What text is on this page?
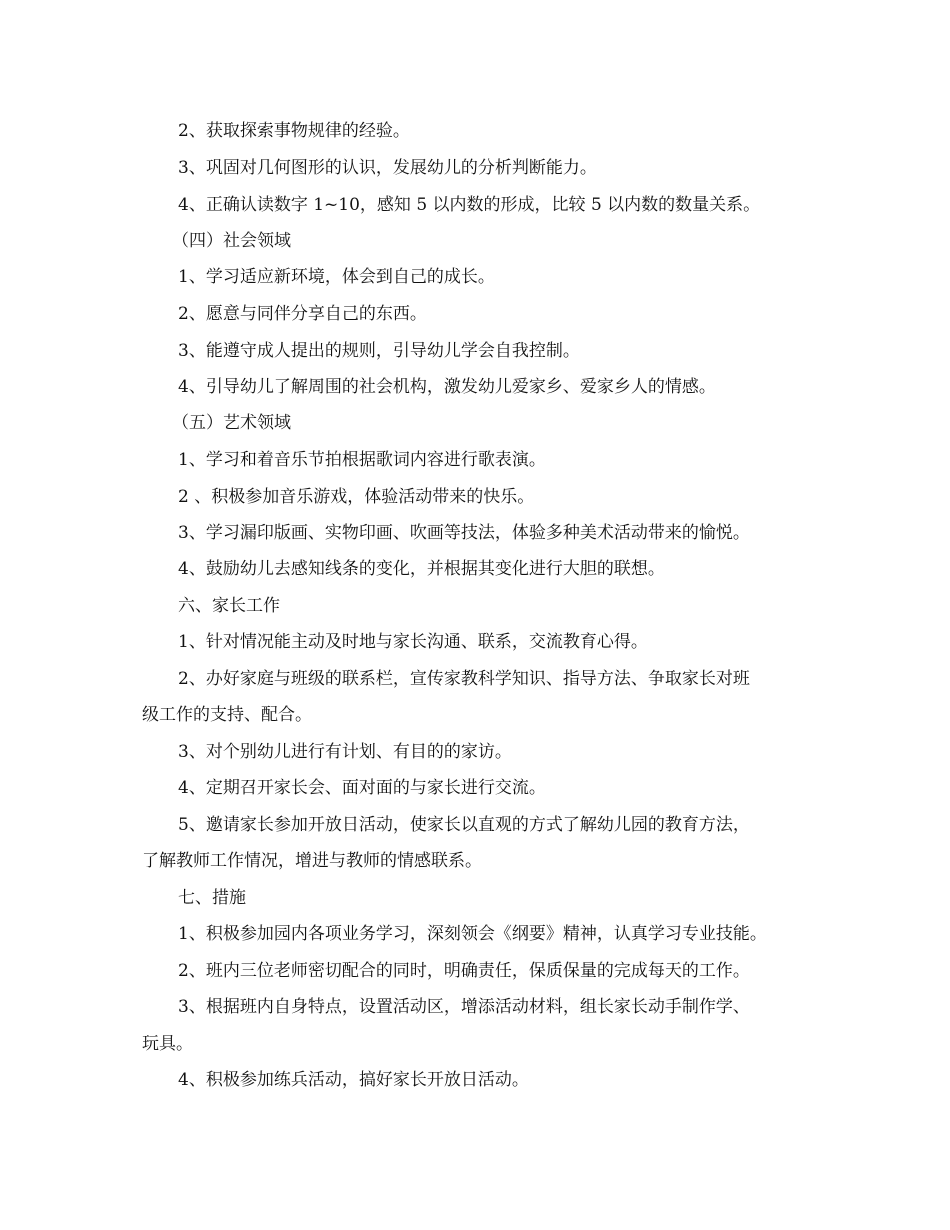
2、获取探索事物规律的经验。
3、巩固对几何图形的认识，发展幼儿的分析判断能力。
4、正确认读数字 1~10，感知 5 以内数的形成，比较 5 以内数的数量关系。
（四）社会领域
1、学习适应新环境，体会到自己的成长。
2、愿意与同伴分享自己的东西。
3、能遵守成人提出的规则，引导幼儿学会自我控制。
4、引导幼儿了解周围的社会机构，激发幼儿爱家乡、爱家乡人的情感。
（五）艺术领域
1、学习和着音乐节拍根据歌词内容进行歌表演。
2 、积极参加音乐游戏，体验活动带来的快乐。
3、学习漏印版画、实物印画、吹画等技法，体验多种美术活动带来的愉悦。
4、鼓励幼儿去感知线条的变化，并根据其变化进行大胆的联想。
六、家长工作
1、针对情况能主动及时地与家长沟通、联系，交流教育心得。
2、办好家庭与班级的联系栏，宣传家教科学知识、指导方法、争取家长对班
级工作的支持、配合。
3、对个别幼儿进行有计划、有目的的家访。
4、定期召开家长会、面对面的与家长进行交流。
5、邀请家长参加开放日活动，使家长以直观的方式了解幼儿园的教育方法，
了解教师工作情况，增进与教师的情感联系。
七、措施
1、积极参加园内各项业务学习，深刻领会《纲要》精神，认真学习专业技能。
2、班内三位老师密切配合的同时，明确责任，保质保量的完成每天的工作。
3、根据班内自身特点，设置活动区，增添活动材料，组长家长动手制作学、
玩具。
4、积极参加练兵活动，搞好家长开放日活动。
